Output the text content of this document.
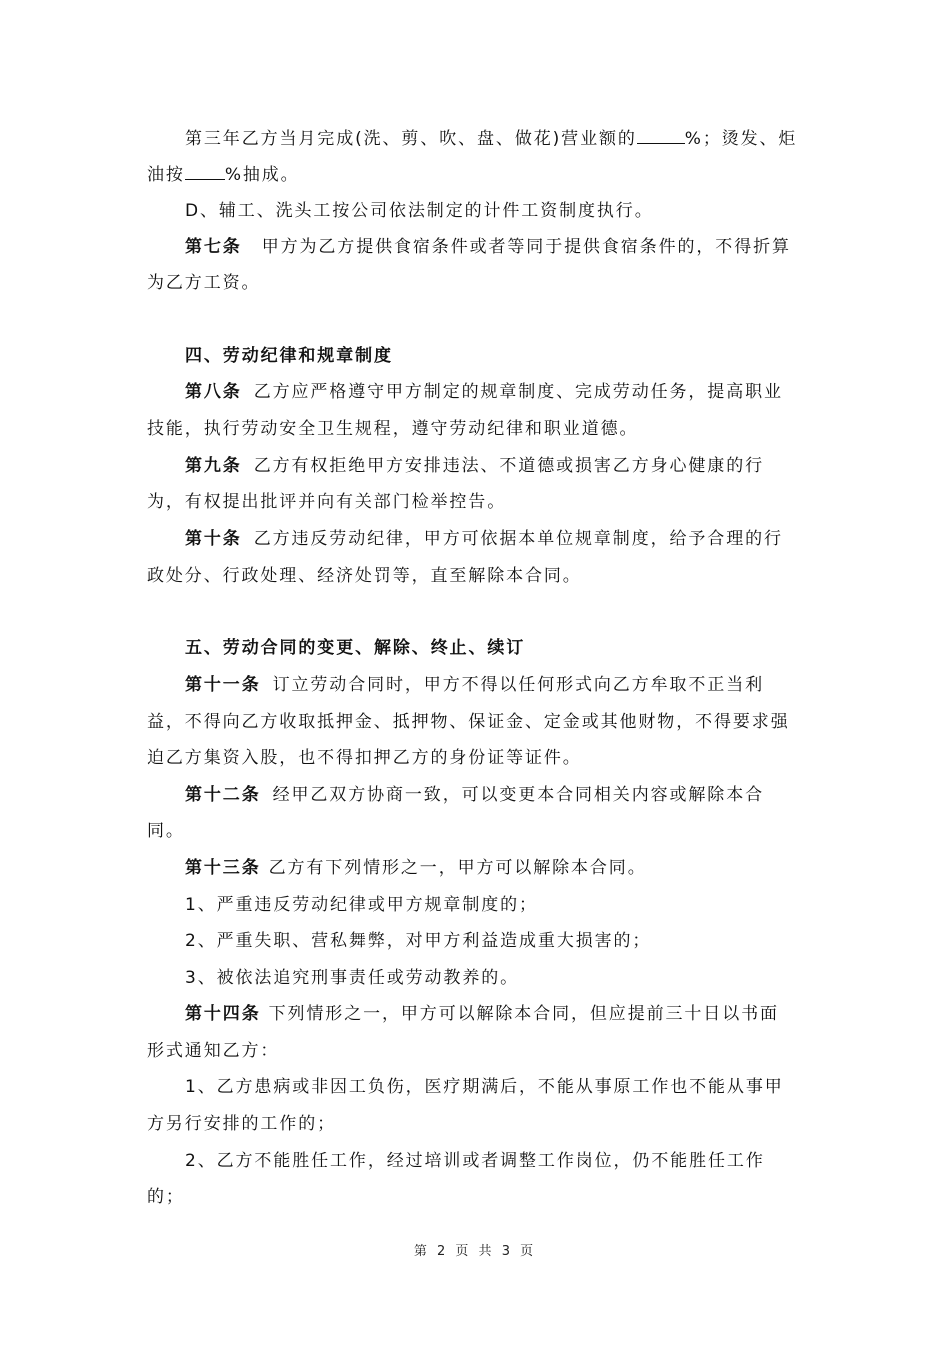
第三年乙方当月完成(洗、剪、吹、盘、做花)营业额的	%；烫发、炬
油按 %抽成。
D、辅工、洗头工按公司依法制定的计件工资制度执行。
第七条 甲方为乙方提供食宿条件或者等同于提供食宿条件的，不得折算
为乙方工资。
四、劳动纪律和规章制度
第八条 乙方应严格遵守甲方制定的规章制度、完成劳动任务，提高职业
技能，执行劳动安全卫生规程，遵守劳动纪律和职业道德。
第九条 乙方有权拒绝甲方安排违法、不道德或损害乙方身心健康的行
为，有权提出批评并向有关部门检举控告。
第十条 乙方违反劳动纪律，甲方可依据本单位规章制度，给予合理的行
政处分、行政处理、经济处罚等，直至解除本合同。
五、劳动合同的变更、解除、终止、续订
第十一条 订立劳动合同时，甲方不得以任何形式向乙方牟取不正当利
益，不得向乙方收取抵押金、抵押物、保证金、定金或其他财物，不得要求强
迫乙方集资入股，也不得扣押乙方的身份证等证件。
第十二条 经甲乙双方协商一致，可以变更本合同相关内容或解除本合
同。
第十三条 乙方有下列情形之一，甲方可以解除本合同。
1、严重违反劳动纪律或甲方规章制度的；
2、严重失职、营私舞弊，对甲方利益造成重大损害的；
3、被依法追究刑事责任或劳动教养的。
第十四条 下列情形之一，甲方可以解除本合同，但应提前三十日以书面
形式通知乙方：
1、乙方患病或非因工负伤，医疗期满后，不能从事原工作也不能从事甲
方另行安排的工作的；
2、乙方不能胜任工作，经过培训或者调整工作岗位，仍不能胜任工作
的；
第 2 页 共 3 页
